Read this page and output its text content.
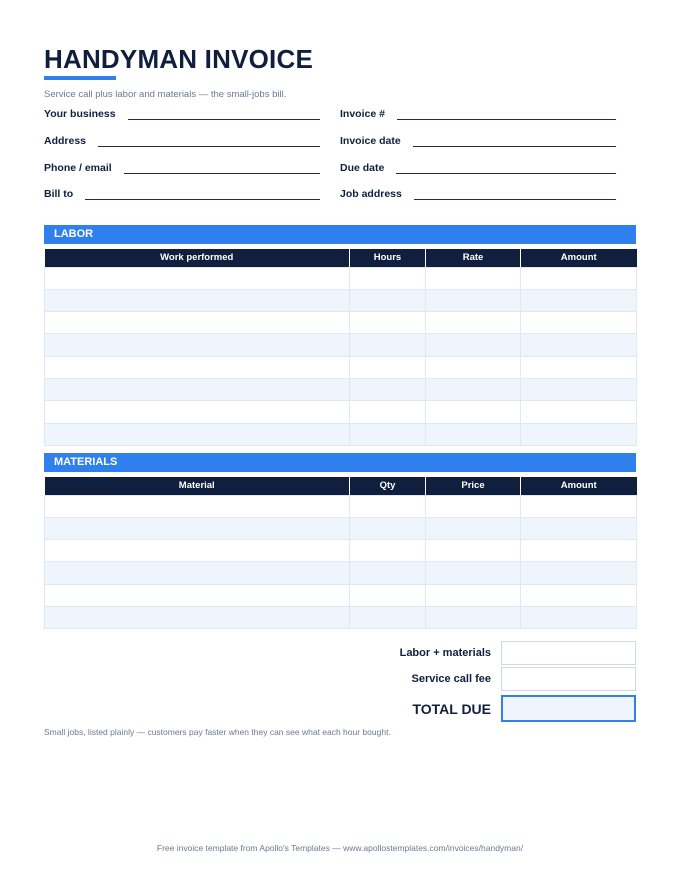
HANDYMAN INVOICE
Service call plus labor and materials — the small-jobs bill.
Your business
Address
Phone / email
Bill to
Invoice #
Invoice date
Due date
Job address
LABOR
Work performed	Hours	Rate	Amount

MATERIALS
Material	Qty	Price	Amount

Labor + materials
Service call fee
TOTAL DUE
Small jobs, listed plainly — customers pay faster when they can see what each hour bought.
Free invoice template from Apollo's Templates — www.apollostemplates.com/invoices/handyman/
